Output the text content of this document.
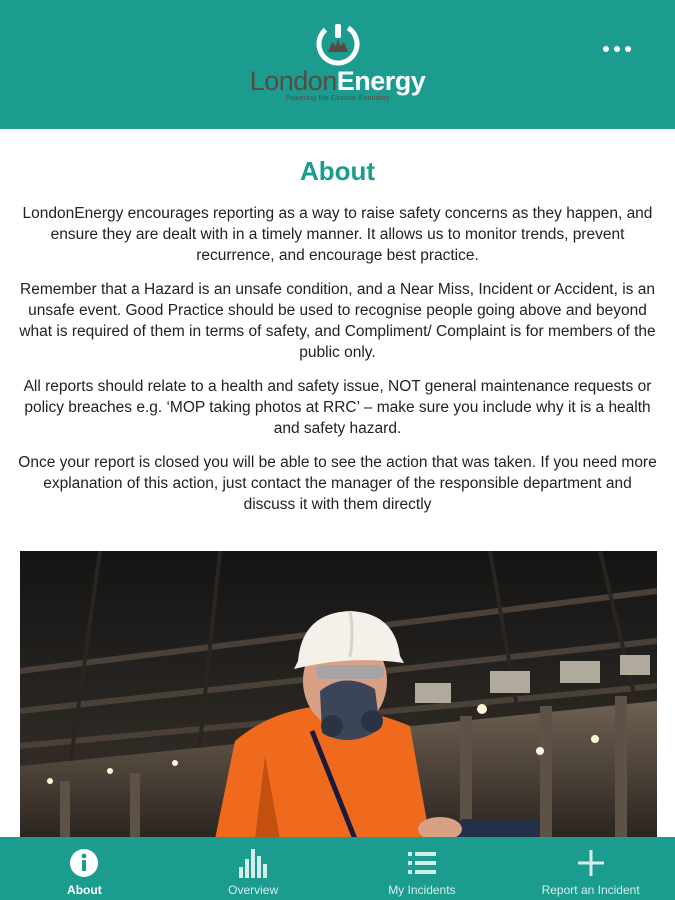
LondonEnergy
Powering the Circular Economy
About

LondonEnergy encourages reporting as a way to raise safety concerns as they happen, and ensure they are dealt with in a timely manner. It allows us to monitor trends, prevent recurrence, and encourage best practice.

Remember that a Hazard is an unsafe condition, and a Near Miss, Incident or Accident, is an unsafe event. Good Practice should be used to recognise people going above and beyond what is required of them in terms of safety, and Compliment/ Complaint is for members of the public only.

All reports should relate to a health and safety issue, NOT general maintenance requests or policy breaches e.g. ‘MOP taking photos at RRC’ – make sure you include why it is a health and safety hazard.

Once your report is closed you will be able to see the action that was taken. If you need more explanation of this action, just contact the manager of the responsible department and discuss it with them directly

About	Overview	My Incidents	Report an Incident
